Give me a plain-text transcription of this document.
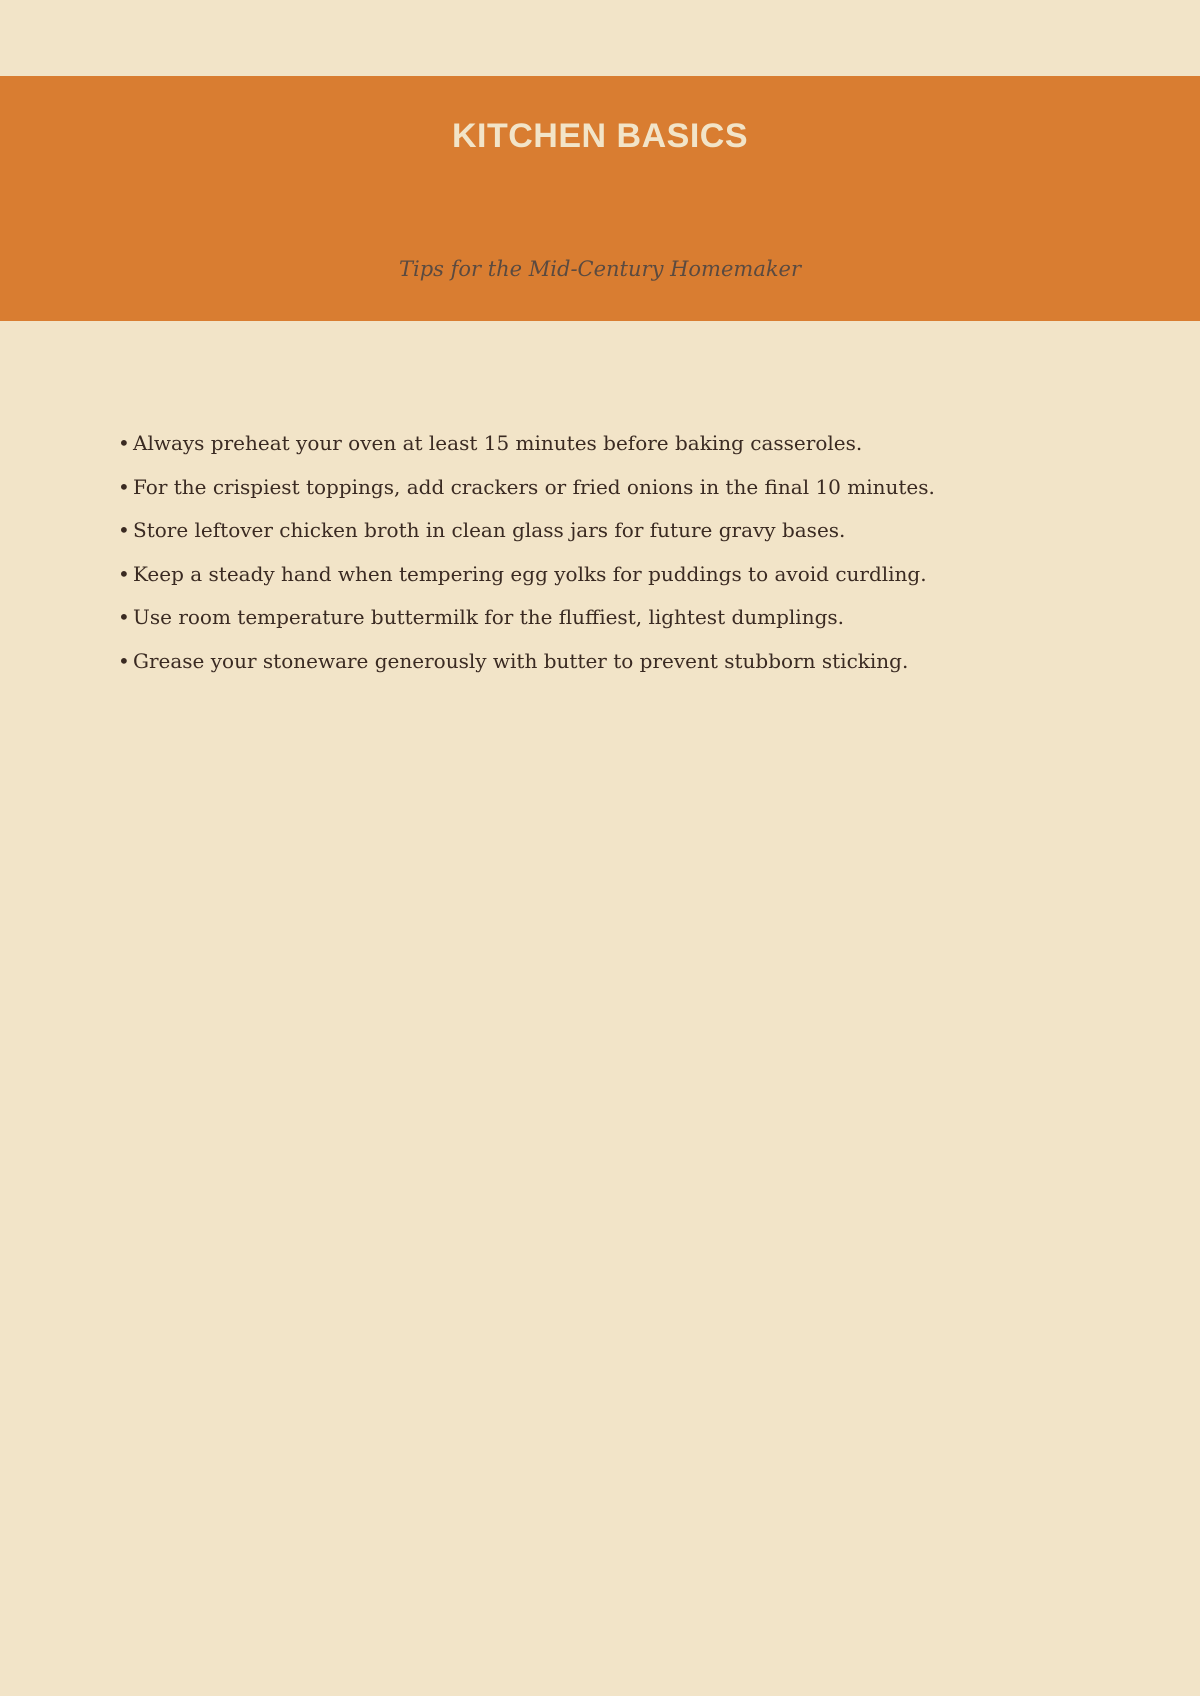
KITCHEN BASICS
Tips for the Mid-Century Homemaker
• Always preheat your oven at least 15 minutes before baking casseroles.
• For the crispiest toppings, add crackers or fried onions in the final 10 minutes.
• Store leftover chicken broth in clean glass jars for future gravy bases.
• Keep a steady hand when tempering egg yolks for puddings to avoid curdling.
• Use room temperature buttermilk for the fluffiest, lightest dumplings.
• Grease your stoneware generously with butter to prevent stubborn sticking.
